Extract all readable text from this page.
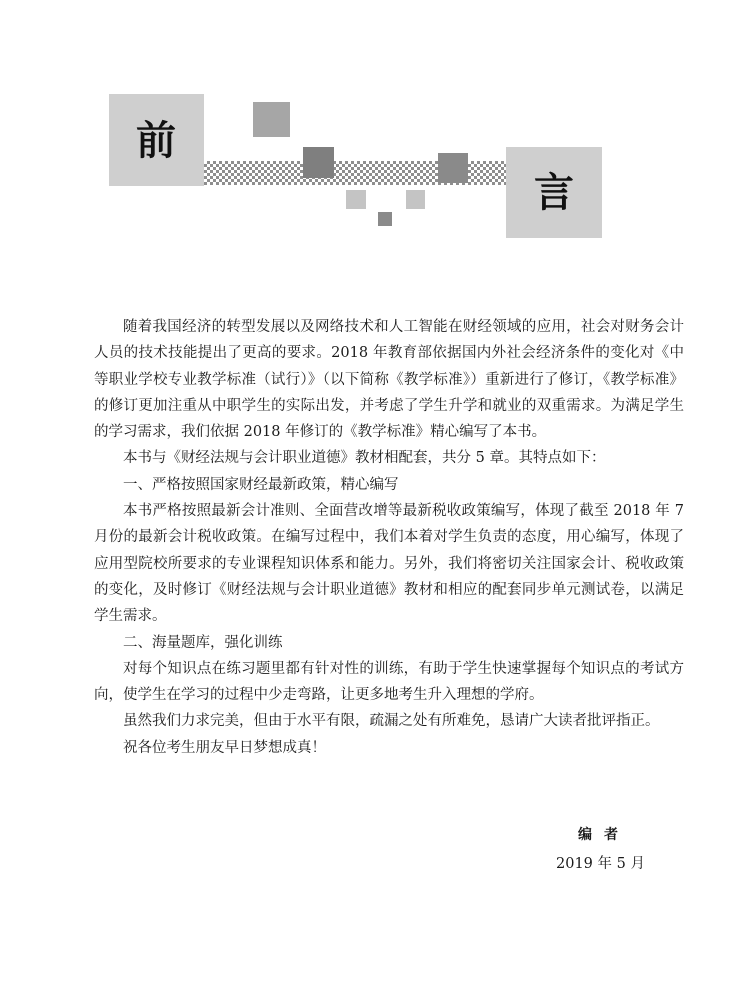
前
言

随着我国经济的转型发展以及网络技术和人工智能在财经领域的应用，社会对财务会计人员的技术技能提出了更高的要求。2018 年教育部依据国内外社会经济条件的变化对《中等职业学校专业教学标准（试行）》（以下简称《教学标准》）重新进行了修订，《教学标准》的修订更加注重从中职学生的实际出发，并考虑了学生升学和就业的双重需求。为满足学生的学习需求，我们依据 2018 年修订的《教学标准》精心编写了本书。

本书与《财经法规与会计职业道德》教材相配套，共分 5 章。其特点如下：

一、严格按照国家财经最新政策，精心编写

本书严格按照最新会计准则、全面营改增等最新税收政策编写，体现了截至 2018 年 7 月份的最新会计税收政策。在编写过程中，我们本着对学生负责的态度，用心编写，体现了应用型院校所要求的专业课程知识体系和能力。另外，我们将密切关注国家会计、税收政策的变化，及时修订《财经法规与会计职业道德》教材和相应的配套同步单元测试卷，以满足学生需求。

二、海量题库，强化训练

对每个知识点在练习题里都有针对性的训练，有助于学生快速掌握每个知识点的考试方向，使学生在学习的过程中少走弯路，让更多地考生升入理想的学府。

虽然我们力求完美，但由于水平有限，疏漏之处有所难免，恳请广大读者批评指正。

祝各位考生朋友早日梦想成真！

编者
2019 年 5 月
